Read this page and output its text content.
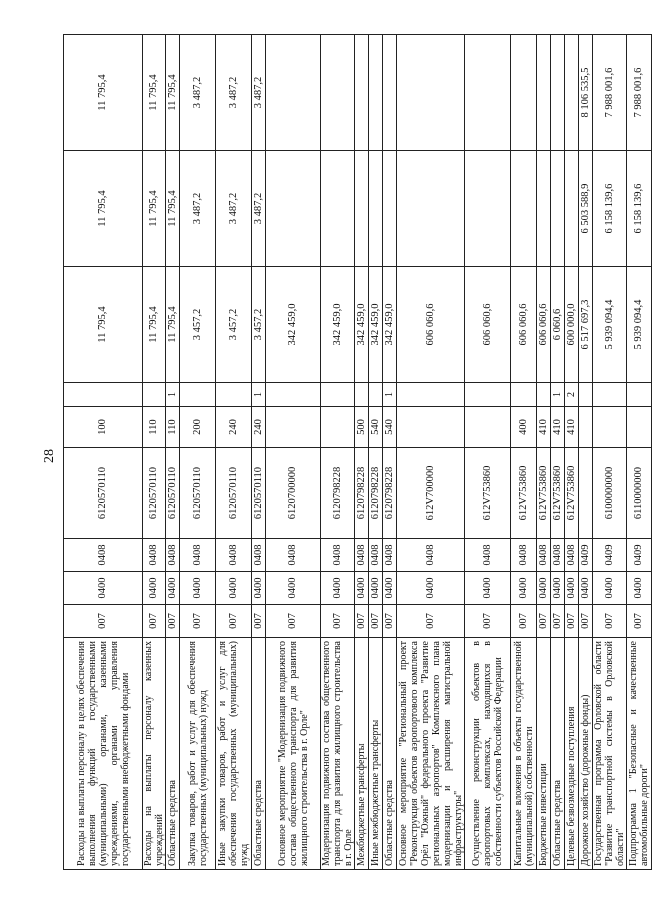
28
Расходы на выплаты персоналу в целях обеспечения выполнения функций государственными (муниципальными) органами, казенными учреждениями, органами управления государственными внебюджетными фондами	007	0400	0408	6120570110	100		11 795,4	11 795,4	11 795,4
Расходы на выплаты персоналу казенных учреждений	007	0400	0408	6120570110	110		11 795,4	11 795,4	11 795,4
Областные средства	007	0400	0408	6120570110	110	1	11 795,4	11 795,4	11 795,4
Закупка товаров, работ и услуг для обеспечения государственных (муниципальных) нужд	007	0400	0408	6120570110	200		3 457,2	3 487,2	3 487,2
Иные закупки товаров, работ и услуг для обеспечения государственных (муниципальных) нужд	007	0400	0408	6120570110	240		3 457,2	3 487,2	3 487,2
Областные средства	007	0400	0408	6120570110	240	1	3 457,2	3 487,2	3 487,2
Основное мероприятие "Модернизация подвижного состава общественного транспорта для развития жилищного строительства в г. Орле"	007	0400	0408	6120700000			342 459,0		
Модернизация подвижного состава общественного транспорта для развития жилищного строительства в г. Орле	007	0400	0408	6120798228			342 459,0		
Межбюджетные трансферты	007	0400	0408	6120798228	500		342 459,0		
Иные межбюджетные трансферты	007	0400	0408	6120798228	540		342 459,0		
Областные средства	007	0400	0408	6120798228	540	1	342 459,0		
Основное мероприятие "Региональный проект "Реконструкция объектов аэропортового комплекса Орёл "Южный" федерального проекта "Развитие региональных аэропортов" Комплексного плана модернизации и расширения магистральной инфраструктуры"	007	0400	0408	612V700000			606 060,6		
Осуществление реконструкции объектов в аэропортовых комплексах, находящихся в собственности субъектов Российской Федерации	007	0400	0408	612V753860			606 060,6		
Капитальные вложения в объекты государственной (муниципальной) собственности	007	0400	0408	612V753860	400		606 060,6		
Бюджетные инвестиции	007	0400	0408	612V753860	410		606 060,6		
Областные средства	007	0400	0408	612V753860	410	1	6 060,6		
Целевые безвозмездные поступления	007	0400	0408	612V753860	410	2	600 000,0		
Дорожное хозяйство (дорожные фонды)	007	0400	0409				6 517 697,3	6 503 588,9	8 106 535,5
Государственная программа Орловской области "Развитие транспортной системы в Орловской области"	007	0400	0409	6100000000			5 939 094,4	6 158 139,6	7 988 001,6
Подпрограмма 1 "Безопасные и качественные автомобильные дороги"	007	0400	0409	6110000000			5 939 094,4	6 158 139,6	7 988 001,6
